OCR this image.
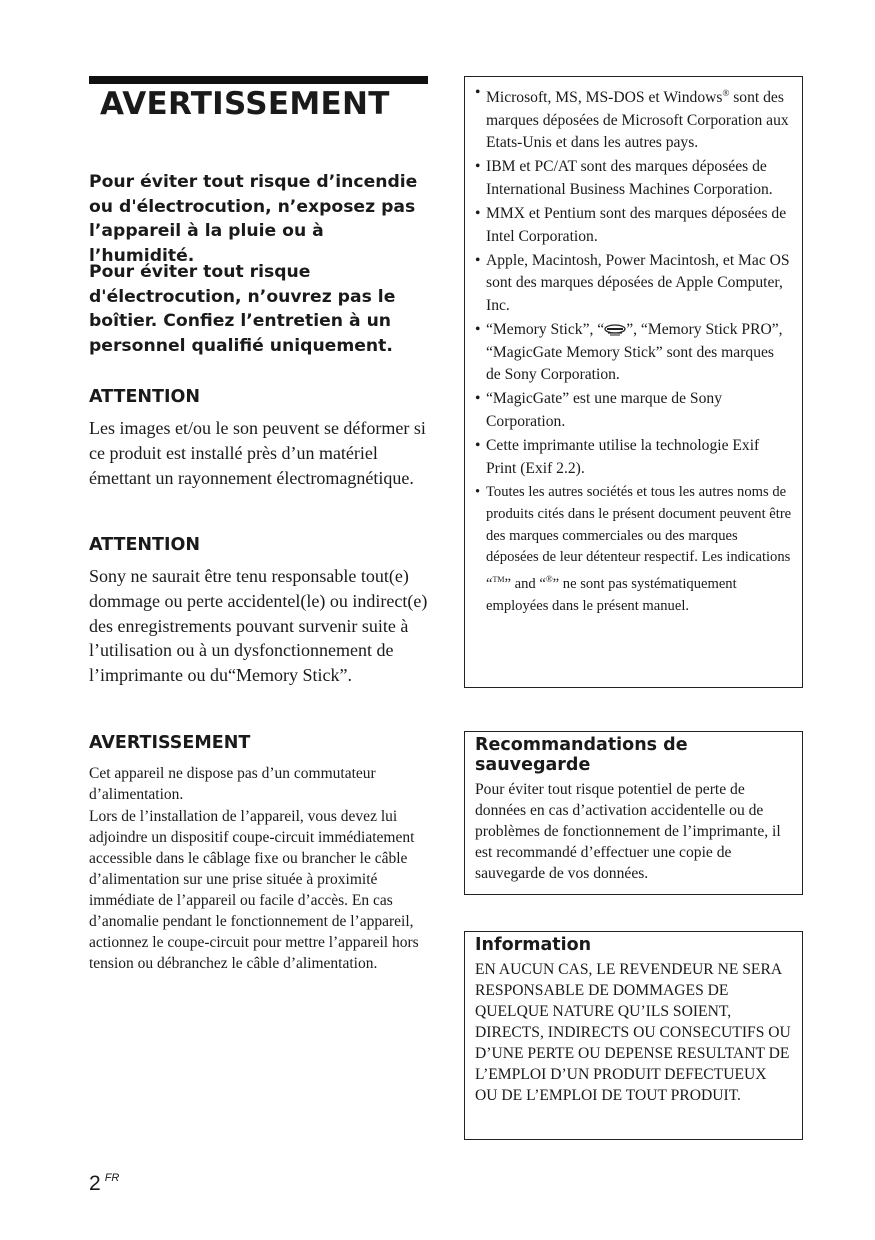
AVERTISSEMENT

Pour éviter tout risque d’incendie ou d'électrocution, n’exposez pas l’appareil à la pluie ou à l’humidité.

Pour éviter tout risque d'électrocution, n’ouvrez pas le boîtier. Confiez l’entretien à un personnel qualifié uniquement.

ATTENTION

Les images et/ou le son peuvent se déformer si ce produit est installé près d’un matériel émettant un rayonnement électromagnétique.

ATTENTION

Sony ne saurait être tenu responsable tout(e) dommage ou perte accidentel(le) ou indirect(e) des enregistrements pouvant survenir suite à l’utilisation ou à un dysfonctionnement de l’imprimante ou du“Memory Stick”.

AVERTISSEMENT

Cet appareil ne dispose pas d’un commutateur d’alimentation.

Lors de l’installation de l’appareil, vous devez lui adjoindre un dispositif coupe-circuit immédiatement accessible dans le câblage fixe ou brancher le câble d’alimentation sur une prise située à proximité immédiate de l’appareil ou facile d’accès. En cas d’anomalie pendant le fonctionnement de l’appareil, actionnez le coupe-circuit pour mettre l’appareil hors tension ou débranchez le câble d’alimentation.

• Microsoft, MS, MS-DOS et Windows® sont des marques déposées de Microsoft Corporation aux Etats-Unis et dans les autres pays.
• IBM et PC/AT sont des marques déposées de International Business Machines Corporation.
• MMX et Pentium sont des marques déposées de Intel Corporation.
• Apple, Macintosh, Power Macintosh, et Mac OS sont des marques déposées de Apple Computer, Inc.
• “Memory Stick”, “ ”, “Memory Stick PRO”, “MagicGate Memory Stick” sont des marques de Sony Corporation.
• “MagicGate” est une marque de Sony Corporation.
• Cette imprimante utilise la technologie Exif Print (Exif 2.2).
• Toutes les autres sociétés et tous les autres noms de produits cités dans le présent document peuvent être des marques commerciales ou des marques déposées de leur détenteur respectif. Les indications “™” and “®” ne sont pas systématiquement employées dans le présent manuel.
Recommandations de sauvegarde

Pour éviter tout risque potentiel de perte de données en cas d’activation accidentelle ou de problèmes de fonctionnement de l’imprimante, il est recommandé d’effectuer une copie de sauvegarde de vos données.

Information

EN AUCUN CAS, LE REVENDEUR NE SERA RESPONSABLE DE DOMMAGES DE QUELQUE NATURE QU’ILS SOIENT, DIRECTS, INDIRECTS OU CONSECUTIFS OU D’UNE PERTE OU DEPENSE RESULTANT DE L’EMPLOI D’UN PRODUIT DEFECTUEUX OU DE L’EMPLOI DE TOUT PRODUIT.

2 $^{FR}$
